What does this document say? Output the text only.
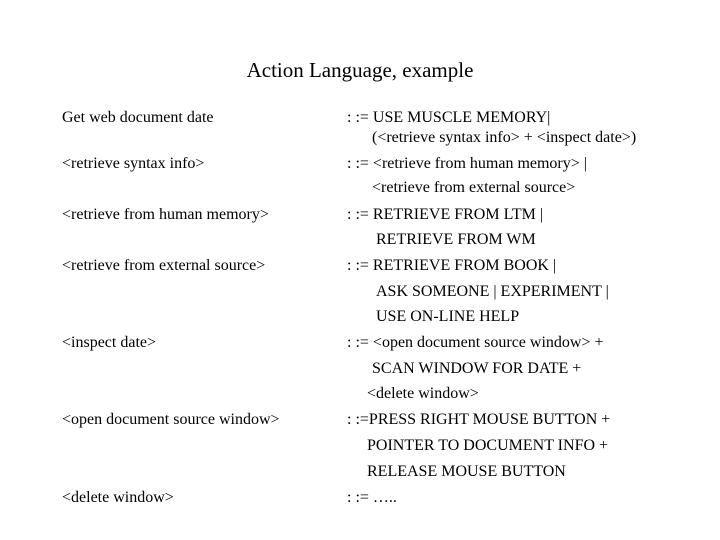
Action Language, example
Get web document date
<retrieve syntax info>
<retrieve from human memory>
<retrieve from external source>
<inspect date>
<open document source window>
<delete window>
: := USE MUSCLE MEMORY|
(<retrieve syntax info> + <inspect date>)
: := <retrieve from human memory> |
<retrieve from external source>
: := RETRIEVE FROM LTM |
RETRIEVE FROM WM
: := RETRIEVE FROM BOOK |
ASK SOMEONE | EXPERIMENT |
USE ON-LINE HELP
: := <open document source window> +
SCAN WINDOW FOR DATE +
<delete window>
: :=PRESS RIGHT MOUSE BUTTON +
POINTER TO DOCUMENT INFO +
RELEASE MOUSE BUTTON
: := …..
